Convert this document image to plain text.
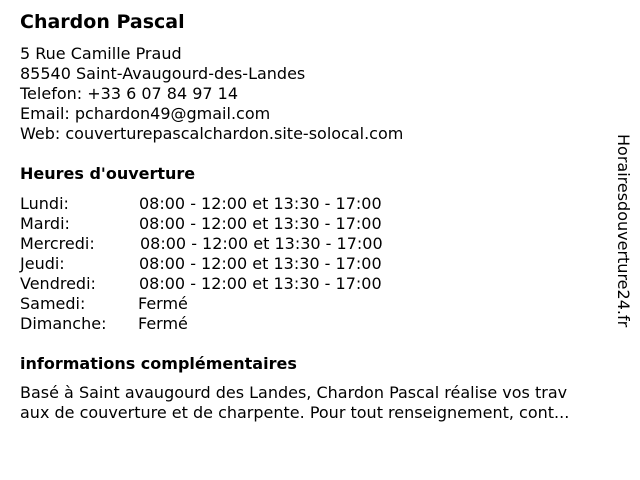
Chardon Pascal
5 Rue Camille Praud
85540 Saint-Avaugourd-des-Landes
Telefon: +33 6 07 84 97 14
Email: pchardon49@gmail.com
Web: couverturepascalchardon.site-solocal.com
Heures d'ouverture
Lundi:	08:00 - 12:00 et 13:30 - 17:00
Mardi:	08:00 - 12:00 et 13:30 - 17:00
Mercredi:	08:00 - 12:00 et 13:30 - 17:00
Jeudi:	08:00 - 12:00 et 13:30 - 17:00
Vendredi:	08:00 - 12:00 et 13:30 - 17:00
Samedi:	Fermé
Dimanche: Fermé
informations complémentaires
Basé à Saint avaugourd des Landes, Chardon Pascal réalise vos trav
aux de couverture et de charpente. Pour tout renseignement, cont...
Horairesdouverture24.fr
